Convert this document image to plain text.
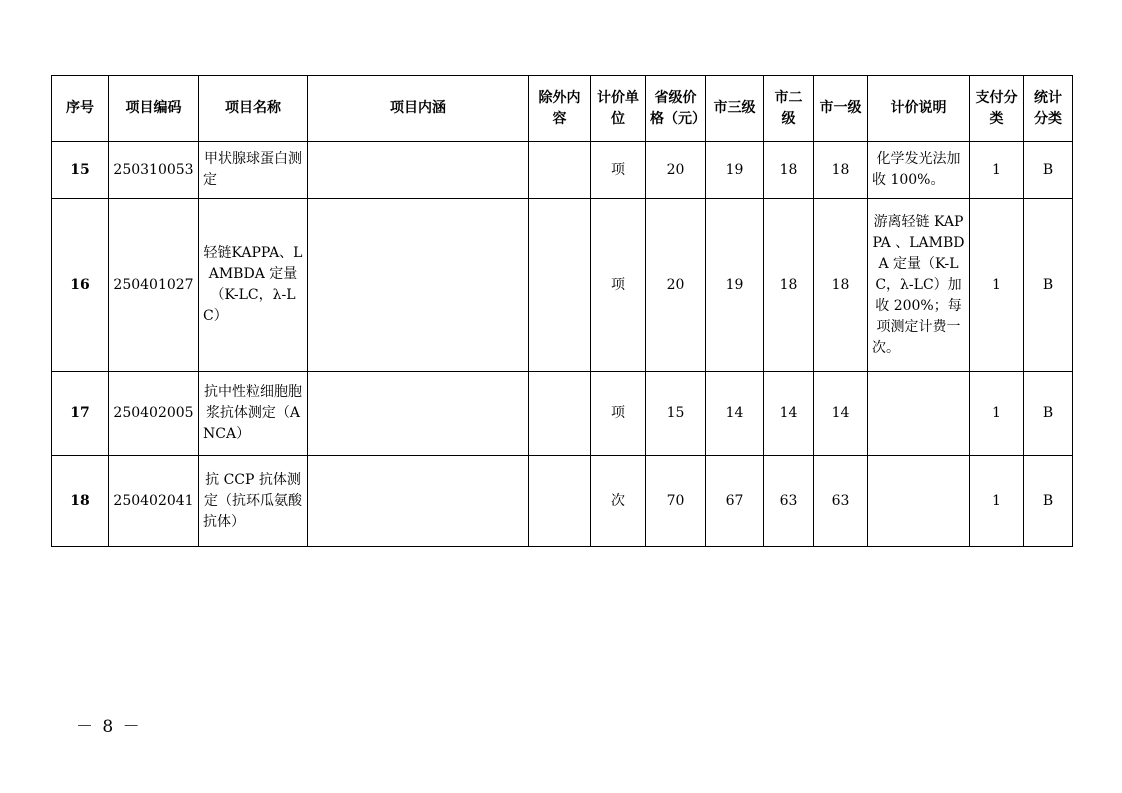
序号	项目编码	项目名称	项目内涵	除外内容	计价单位	省级价格（元）	市三级	市二级	市一级	计价说明	支付分类	统计分类
15	250310053	甲状腺球蛋白测定			项	20	19	18	18	化学发光法加收 100%。	1	B
16	250401027	轻链KAPPA、LAMBDA 定量（K-LC，λ-LC）			项	20	19	18	18	游离轻链 KAPPA 、LAMBDA 定量（K-LC，λ-LC）加收 200%；每项测定计费一次。	1	B
17	250402005	抗中性粒细胞胞浆抗体测定（ANCA）			项	15	14	14	14		1	B
18	250402041	抗 CCP 抗体测定（抗环瓜氨酸抗体）			次	70	67	63	63		1	B
－ 8 －
